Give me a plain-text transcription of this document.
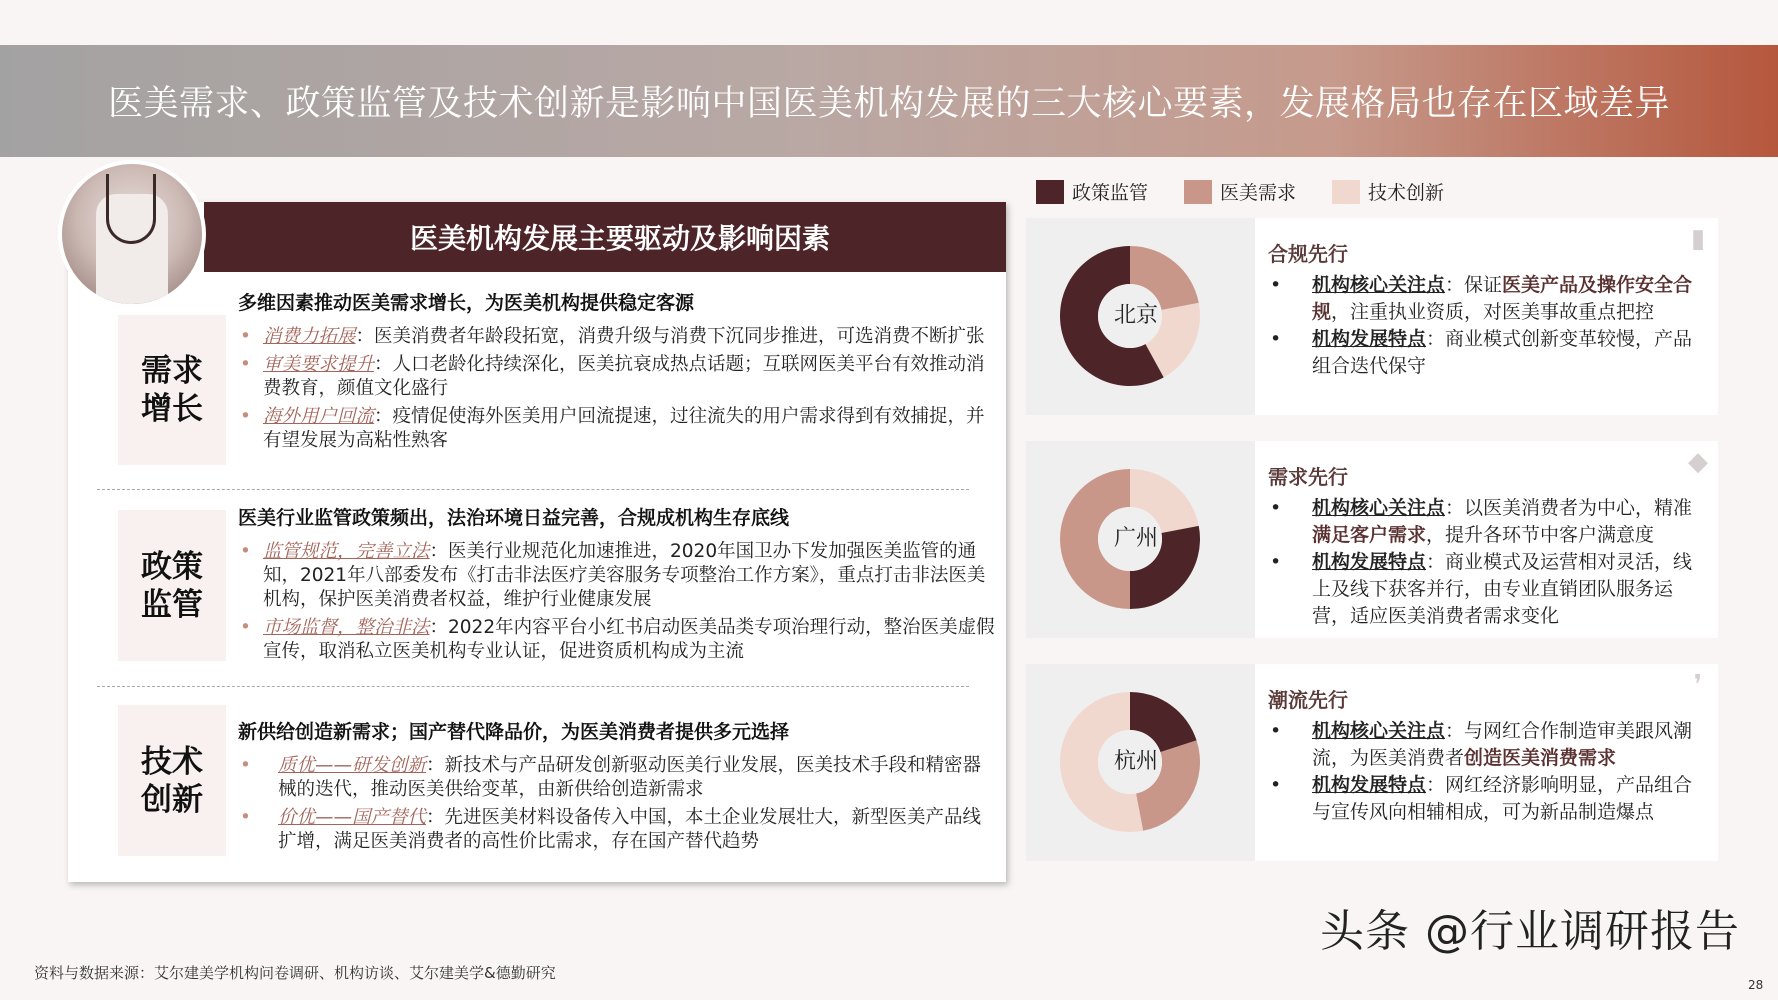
医美需求、政策监管及技术创新是影响中国医美机构发展的三大核心要素，发展格局也存在区域差异
医美机构发展主要驱动及影响因素
需求增长
多维因素推动医美需求增长，为医美机构提供稳定客源
• 消费力拓展：医美消费者年龄段拓宽，消费升级与消费下沉同步推进，可选消费不断扩张
• 审美要求提升：人口老龄化持续深化，医美抗衰成热点话题；互联网医美平台有效推动消费教育，颜值文化盛行
• 海外用户回流：疫情促使海外医美用户回流提速，过往流失的用户需求得到有效捕捉，并有望发展为高粘性熟客
政策监管
医美行业监管政策频出，法治环境日益完善，合规成机构生存底线
• 监管规范，完善立法：医美行业规范化加速推进，2020年国卫办下发加强医美监管的通知，2021年八部委发布《打击非法医疗美容服务专项整治工作方案》，重点打击非法医美机构，保护医美消费者权益，维护行业健康发展
• 市场监督，整治非法：2022年内容平台小红书启动医美品类专项治理行动，整治医美虚假宣传，取消私立医美机构专业认证，促进资质机构成为主流
技术创新
新供给创造新需求；国产替代降品价，为医美消费者提供多元选择
• 质优——研发创新：新技术与产品研发创新驱动医美行业发展，医美技术手段和精密器械的迭代，推动医美供给变革，由新供给创造新需求
• 价优——国产替代：先进医美材料设备传入中国，本土企业发展壮大，新型医美产品线扩增，满足医美消费者的高性价比需求，存在国产替代趋势
政策监管	医美需求	技术创新
北京
▮
合规先行
• 机构核心关注点：保证医美产品及操作安全合规，注重执业资质，对医美事故重点把控
• 机构发展特点：商业模式创新变革较慢，产品组合迭代保守
广州
◆
需求先行
• 机构核心关注点：以医美消费者为中心，精准满足客户需求，提升各环节中客户满意度
• 机构发展特点：商业模式及运营相对灵活，线上及线下获客并行，由专业直销团队服务运营，适应医美消费者需求变化
杭州
❜
潮流先行
• 机构核心关注点：与网红合作制造审美跟风潮流，为医美消费者创造医美消费需求
• 机构发展特点：网红经济影响明显，产品组合与宣传风向相辅相成，可为新品制造爆点
资料与数据来源：艾尔建美学机构问卷调研、机构访谈、艾尔建美学&德勤研究
头条 @行业调研报告
28
